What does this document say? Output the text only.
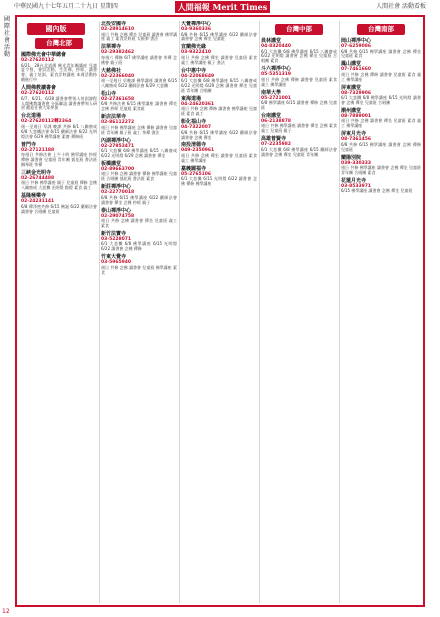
中華民國九十七年五月二十九日 星期四	人間福報 Merit Times	人間社會 活動看板
國
際
社
會
活
動
國內版
台灣北部
國際佛光會中華總會
02-27620112
6/21、28台北道場 佛光青年團講座 兒童夏令營，會員活動，生活禪、抄經、讀書會、義工培訓、素食烹飪講座 本週活動持續進行中
人間佛教讀書會
02-27620112
6/7、6/21、6/28 讀書會帶領人培訓課程 人間佛教讀書會 分區聯誼 讀書會帶領人研習 歡迎社會大眾參加
台北道場
02-27620112轉2364
週一至週日 早課 晚課 共修 6/1 八關齋戒 6/8 大悲懺法會 6/15 藥師法會 6/22 光明燈法會 6/29 佛學講座 素齋 禪修班
普門寺
02-27121188
每週日 共修法會 上午十時 佛學講座 抄經 禪修 讀書會 兒童班 青年團 插花班 書法班 鋼琴班 茶禪
三峽金光明寺
02-26744488
週日 共修 佛學講座 親子 兒童班 禪修 念佛 八關齋戒 大悲懺 光明燈 點燈 素食 義工
基隆極樂寺
02-24231141
6/8 禪淨密共修 6/15 佛誕 6/22 藥師法會 讀書會 合唱團 兒童班
北投安國寺
02-28914610
週日 共修 念佛 禪坐 兒童班 讀書會 佛學講座 義工 素食烹飪班 太極拳 書法
法華禪寺
02-29382462
每週六 禪修 6/7 佛學講座 讀書會 茶禪 念佛會 親子班
大慈佛社
02-22366040
週一至週日 早晚課 佛學講座 讀書會 6/15 八關齋戒 6/22 藥師法會 6/29 大悲懺
松山寺
02-27361658
6/8 共修法會 6/15 佛學講座 讀書會 禪坐 念佛 抄經 兒童班 素食班
新店法華寺
02-86112272
週日 共修 佛學講座 念佛 禪修 讀書會 兒童班 青年團 親子班 義工 茶禪 書法
內湖禪淨中心
02-27953471
6/1 大悲懺 6/8 佛學講座 6/15 八關齋戒 6/22 光明燈 6/29 念佛 讀書會 禪坐
板橋講堂
02-89663700
週日 共修 念佛 讀書會 禪修 佛學講座 兒童班 合唱團 插花班 書法班 素食
新莊禪淨中心
02-22770018
6/8 共修 6/15 佛學講座 6/22 藥師法會 讀書會 禪坐 念佛 抄經 親子
泰山禪淨中心
02-29074758
週日 共修 念佛 讀書會 禪坐 兒童班 義工 素食
新竹法寶寺
03-5228071
6/1 大悲懺 6/8 佛學講座 6/15 光明燈 6/22 讀書會 念佛 禪修
竹東大覺寺
03-5965940
週日 共修 念佛 讀書會 兒童班 佛學講座 素食
大覺禪淨中心
03-9360336
6/8 共修 6/15 佛學講座 6/22 藥師法會 讀書會 念佛 禪坐 兒童班
宜蘭佛光緣
03-9322410
週日 共修 念佛 禪坐 讀書會 兒童班 素食 義工 佛學講座 親子 書法
台中惠中寺
04-22068649
6/1 大悲懺 6/8 佛學講座 6/15 八關齋戒 6/22 光明燈 6/29 念佛 讀書會 禪坐 兒童班 青年團 合唱團
東海道場
04-24620361
週日 共修 念佛 禪修 讀書會 佛學講座 兒童班 素食 義工
彰化福山寺
04-7322007
6/8 共修 6/15 佛學講座 6/22 藥師法會 讀書會 念佛 禪坐
南投清德寺
049-2350961
週日 共修 念佛 禪坐 讀書會 兒童班 素食 義工 佛學講座
嘉義圓福寺
05-2765106
6/1 大悲懺 6/15 光明燈 6/22 讀書會 念佛 禪修 佛學講座
台灣中部
員林講堂
04-8320440
6/1 大悲懺 6/8 佛學講座 6/15 八關齋戒 6/22 光明燈 讀書會 念佛 禪坐 兒童班 合唱團 素食
斗六禪淨中心
05-5351319
週日 共修 念佛 禪修 讀書會 兒童班 素食 義工 佛學講座
南華大學
05-2721001
6/8 佛學講座 6/15 讀書會 禪修 念佛 兒童班
台南講堂
06-2138878
週日 共修 佛學講座 讀書會 禪坐 念佛 素食 義工 兒童班 親子
高雄普賢寺
07-2235982
6/1 大悲懺 6/8 佛學講座 6/15 藥師法會 讀書會 念佛 禪坐 兒童班 青年團
台灣南部
岡山禪淨中心
07-6259086
6/8 共修 6/15 佛學講座 讀書會 念佛 禪坐 兒童班 素食
鳳山講堂
07-7461660
週日 共修 念佛 禪修 讀書會 兒童班 素食 義工 佛學講座
屏東講堂
08-7329906
6/1 大悲懺 6/8 佛學講座 6/15 光明燈 讀書會 念佛 禪坐 兒童班 合唱團
潮州講堂
08-7889001
週日 共修 念佛 讀書會 禪坐 兒童班 素食 義工 佛學講座
屏東月光寺
08-7361456
6/8 共修 6/15 佛學講座 讀書會 念佛 禪修 兒童班
蘭陽別院
039-330333
週日 共修 佛學講座 讀書會 念佛 禪坐 兒童班 青年團 合唱團 素食
花蓮月光寺
03-8533971
6/15 佛學講座 讀書會 念佛 禪坐 兒童班
12
